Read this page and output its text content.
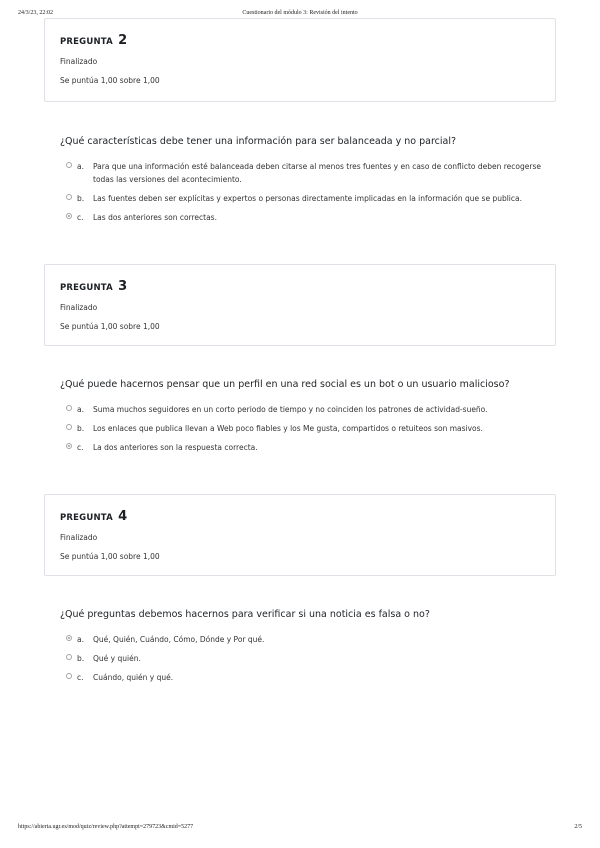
24/3/23, 22:02	Cuestionario del módulo 3: Revisión del intento
PREGUNTA 2
Finalizado
Se puntúa 1,00 sobre 1,00
¿Qué características debe tener una información para ser balanceada y no parcial?
a. Para que una información esté balanceada deben citarse al menos tres fuentes y en caso de conflicto deben recogerse todas las versiones del acontecimiento.
b. Las fuentes deben ser explícitas y expertos o personas directamente implicadas en la información que se publica.
c. Las dos anteriores son correctas.
PREGUNTA 3
Finalizado
Se puntúa 1,00 sobre 1,00
¿Qué puede hacernos pensar que un perfil en una red social es un bot o un usuario malicioso?
a. Suma muchos seguidores en un corto periodo de tiempo y no coinciden los patrones de actividad-sueño.
b. Los enlaces que publica llevan a Web poco fiables y los Me gusta, compartidos o retuiteos son masivos.
c. La dos anteriores son la respuesta correcta.
PREGUNTA 4
Finalizado
Se puntúa 1,00 sobre 1,00
¿Qué preguntas debemos hacernos para verificar si una noticia es falsa o no?
a. Qué, Quién, Cuándo, Cómo, Dónde y Por qué.
b. Qué y quién.
c. Cuándo, quién y qué.
https://abierta.ugr.es/mod/quiz/review.php?attempt=279723&cmid=5277	2/5
